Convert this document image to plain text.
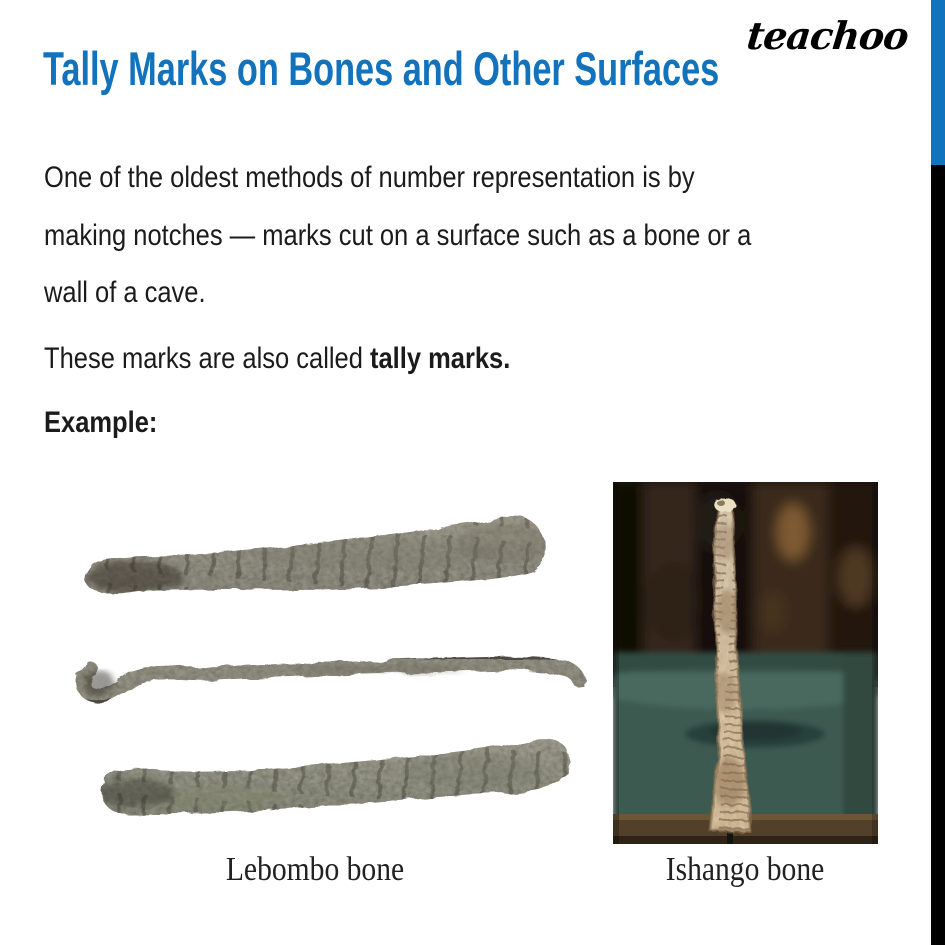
teachoo
Tally Marks on Bones and Other Surfaces

One of the oldest methods of number representation is by

making notches — marks cut on a surface such as a bone or a

wall of a cave.

These marks are also called tally marks.

Example:

Lebombo bone	Ishango bone
